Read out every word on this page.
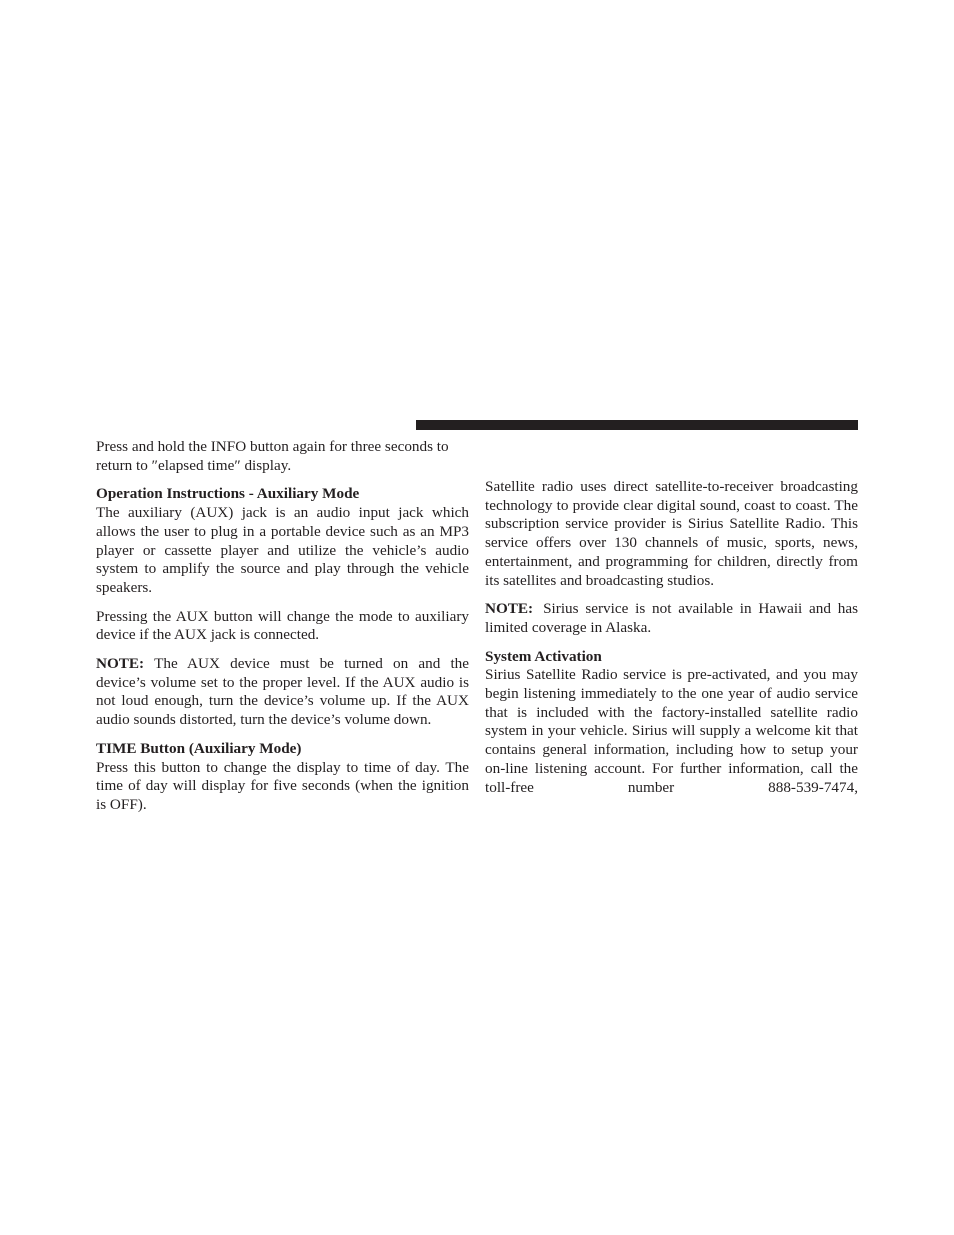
Press and hold the INFO button again for three seconds to return to ″elapsed time″ display.

Operation Instructions - Auxiliary Mode

The auxiliary (AUX) jack is an audio input jack which allows the user to plug in a portable device such as an MP3 player or cassette player and utilize the vehicle’s audio system to amplify the source and play through the vehicle speakers.

Pressing the AUX button will change the mode to auxiliary device if the AUX jack is connected.

NOTE: The AUX device must be turned on and the device’s volume set to the proper level. If the AUX audio is not loud enough, turn the device’s volume up. If the AUX audio sounds distorted, turn the device’s volume down.

TIME Button (Auxiliary Mode)

Press this button to change the display to time of day. The time of day will display for five seconds (when the ignition is OFF).

Satellite radio uses direct satellite-to-receiver broadcasting technology to provide clear digital sound, coast to coast. The subscription service provider is Sirius Satellite Radio. This service offers over 130 channels of music, sports, news, entertainment, and programming for children, directly from its satellites and broadcasting studios.

NOTE: Sirius service is not available in Hawaii and has limited coverage in Alaska.

System Activation

Sirius Satellite Radio service is pre-activated, and you may begin listening immediately to the one year of audio service that is included with the factory-installed satellite radio system in your vehicle. Sirius will supply a welcome kit that contains general information, including how to setup your on-line listening account. For further information, call the toll-free number 888-539-7474,
